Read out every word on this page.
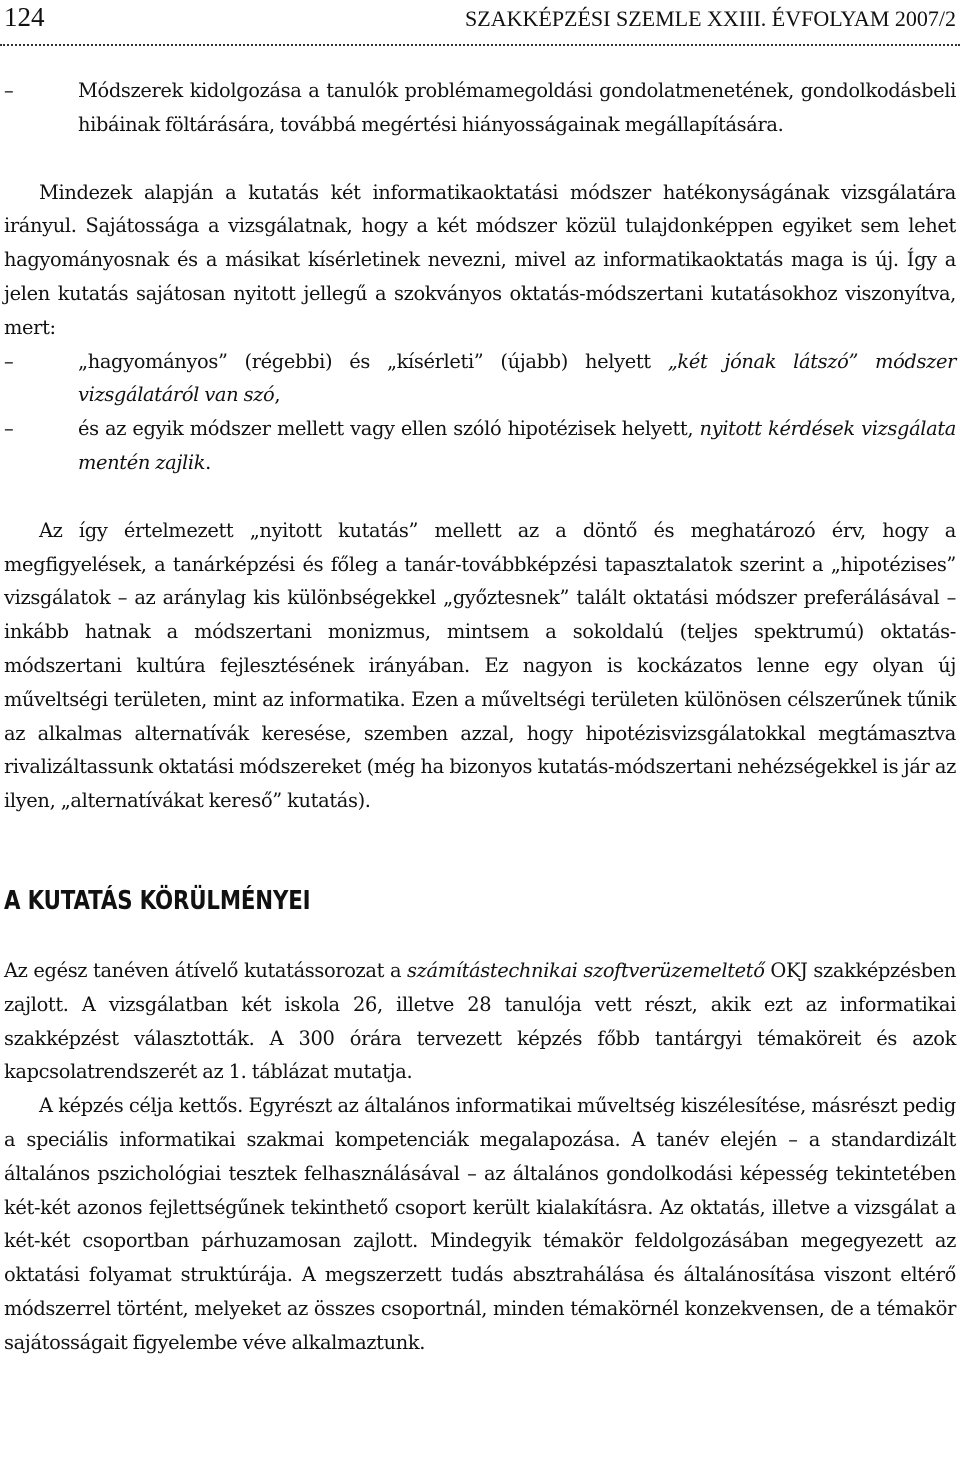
124	SZAKKÉPZÉSI SZEMLE XXIII. ÉVFOLYAM 2007/2

–	Módszerek kidolgozása a tanulók problémamegoldási gondolatmenetének, gondolkodásbeli hibáinak föltárására, továbbá megértési hiányosságainak megállapítására.

Mindezek alapján a kutatás két informatikaoktatási módszer hatékonyságának vizsgálatára irányul. Sajátossága a vizsgálatnak, hogy a két módszer közül tulajdonképpen egyiket sem lehet hagyományosnak és a másikat kísérletinek nevezni, mivel az informatikaoktatás maga is új. Így a jelen kutatás sajátosan nyitott jellegű a szokványos oktatás-módszertani kutatásokhoz viszonyítva, mert:

–	„hagyományos” (régebbi) és „kísérleti” (újabb) helyett „két jónak látszó” módszer vizsgálatáról van szó,

–	és az egyik módszer mellett vagy ellen szóló hipotézisek helyett, nyitott kérdések vizsgálata mentén zajlik.

Az így értelmezett „nyitott kutatás” mellett az a döntő és meghatározó érv, hogy a megfigyelések, a tanárképzési és főleg a tanár-továbbképzési tapasztalatok szerint a „hipotézises” vizsgálatok – az aránylag kis különbségekkel „győztesnek” talált oktatási módszer preferálásával – inkább hatnak a módszertani monizmus, mintsem a sokoldalú (teljes spektrumú) oktatás-módszertani kultúra fejlesztésének irányában. Ez nagyon is kockázatos lenne egy olyan új műveltségi területen, mint az informatika. Ezen a műveltségi területen különösen célszerűnek tűnik az alkalmas alternatívák keresése, szemben azzal, hogy hipotézisvizsgálatokkal megtámasztva rivalizáltassunk oktatási módszereket (még ha bizonyos kutatás-módszertani nehézségekkel is jár az ilyen, „alternatívákat kereső” kutatás).

A KUTATÁS KÖRÜLMÉNYEI

Az egész tanéven átívelő kutatássorozat a számítástechnikai szoftverüzemeltető OKJ szakképzésben zajlott. A vizsgálatban két iskola 26, illetve 28 tanulója vett részt, akik ezt az informatikai szakképzést választották. A 300 órára tervezett képzés főbb tantárgyi témaköreit és azok kapcsolatrendszerét az 1. táblázat mutatja.

A képzés célja kettős. Egyrészt az általános informatikai műveltség kiszélesítése, másrészt pedig a speciális informatikai szakmai kompetenciák megalapozása. A tanév elején – a standardizált általános pszichológiai tesztek felhasználásával – az általános gondolkodási képesség tekintetében két-két azonos fejlettségűnek tekinthető csoport került kialakításra. Az oktatás, illetve a vizsgálat a két-két csoportban párhuzamosan zajlott. Mindegyik témakör feldolgozásában megegyezett az oktatási folyamat struktúrája. A megszerzett tudás absztrahálása és általánosítása viszont eltérő módszerrel történt, melyeket az összes csoportnál, minden témakörnél konzekvensen, de a témakör sajátosságait figyelembe véve alkalmaztunk.
